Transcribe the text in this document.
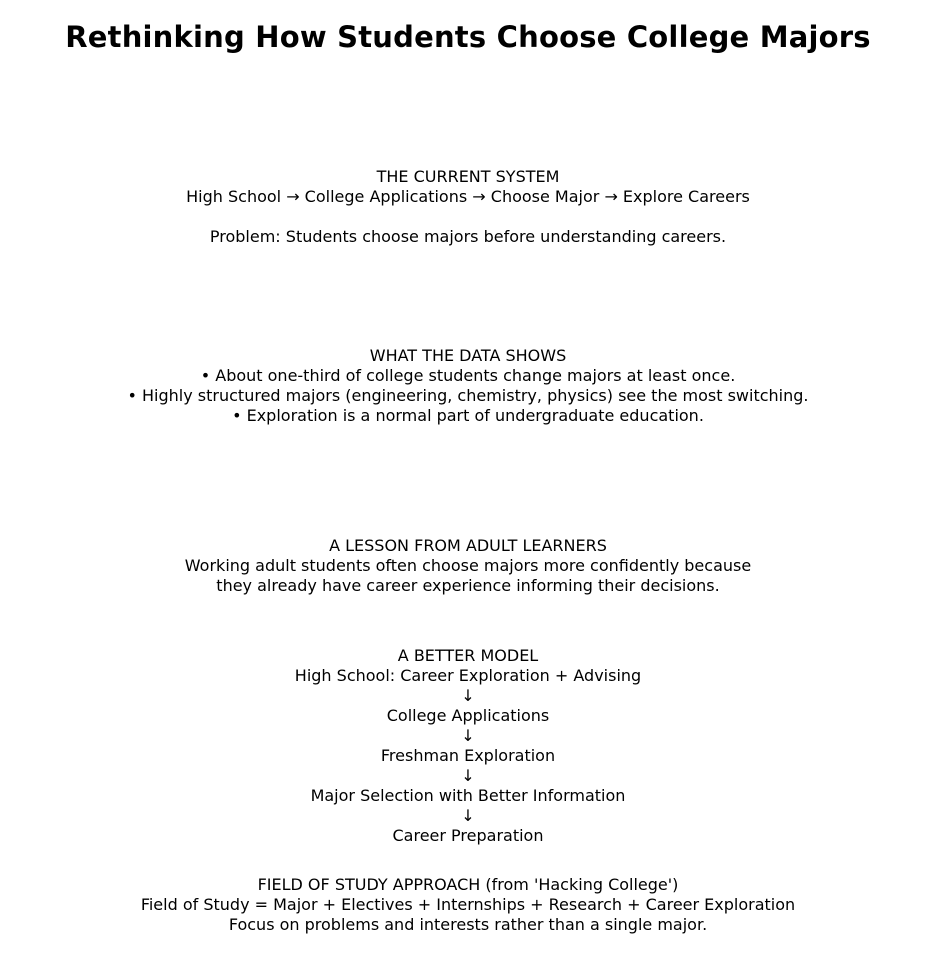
Rethinking How Students Choose College Majors
THE CURRENT SYSTEM
High School → College Applications → Choose Major → Explore Careers
Problem: Students choose majors before understanding careers.
WHAT THE DATA SHOWS
• About one-third of college students change majors at least once.
• Highly structured majors (engineering, chemistry, physics) see the most switching.
• Exploration is a normal part of undergraduate education.
A LESSON FROM ADULT LEARNERS
Working adult students often choose majors more confidently because
they already have career experience informing their decisions.
A BETTER MODEL
High School: Career Exploration + Advising
↓
College Applications
↓
Freshman Exploration
↓
Major Selection with Better Information
↓
Career Preparation
FIELD OF STUDY APPROACH (from 'Hacking College')
Field of Study = Major + Electives + Internships + Research + Career Exploration
Focus on problems and interests rather than a single major.
